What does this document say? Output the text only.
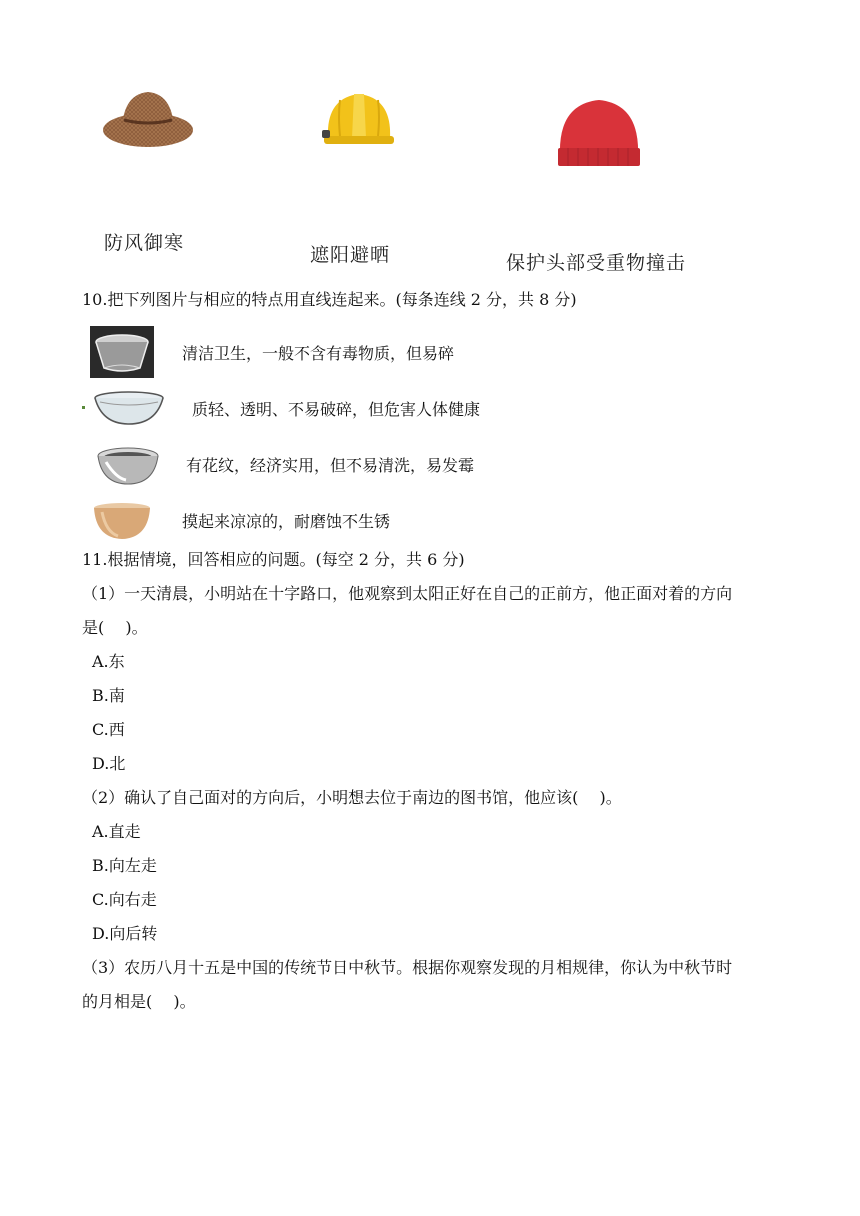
防风御寒
遮阳避晒	保护头部受重物撞击
10.把下列图片与相应的特点用直线连起来。(每条连线 2 分，共 8 分)
清洁卫生，一般不含有毒物质，但易碎
质轻、透明、不易破碎，但危害人体健康
有花纹，经济实用，但不易清洗，易发霉
摸起来凉凉的，耐磨蚀不生锈
11.根据情境，回答相应的问题。(每空 2 分，共 6 分)
（1）一天清晨，小明站在十字路口，他观察到太阳正好在自己的正前方，他正面对着的方向
是(　 )。
A.东
B.南
C.西
D.北
（2）确认了自己面对的方向后，小明想去位于南边的图书馆，他应该(　 )。
A.直走
B.向左走
C.向右走
D.向后转
（3）农历八月十五是中国的传统节日中秋节。根据你观察发现的月相规律，你认为中秋节时
的月相是(　 )。
